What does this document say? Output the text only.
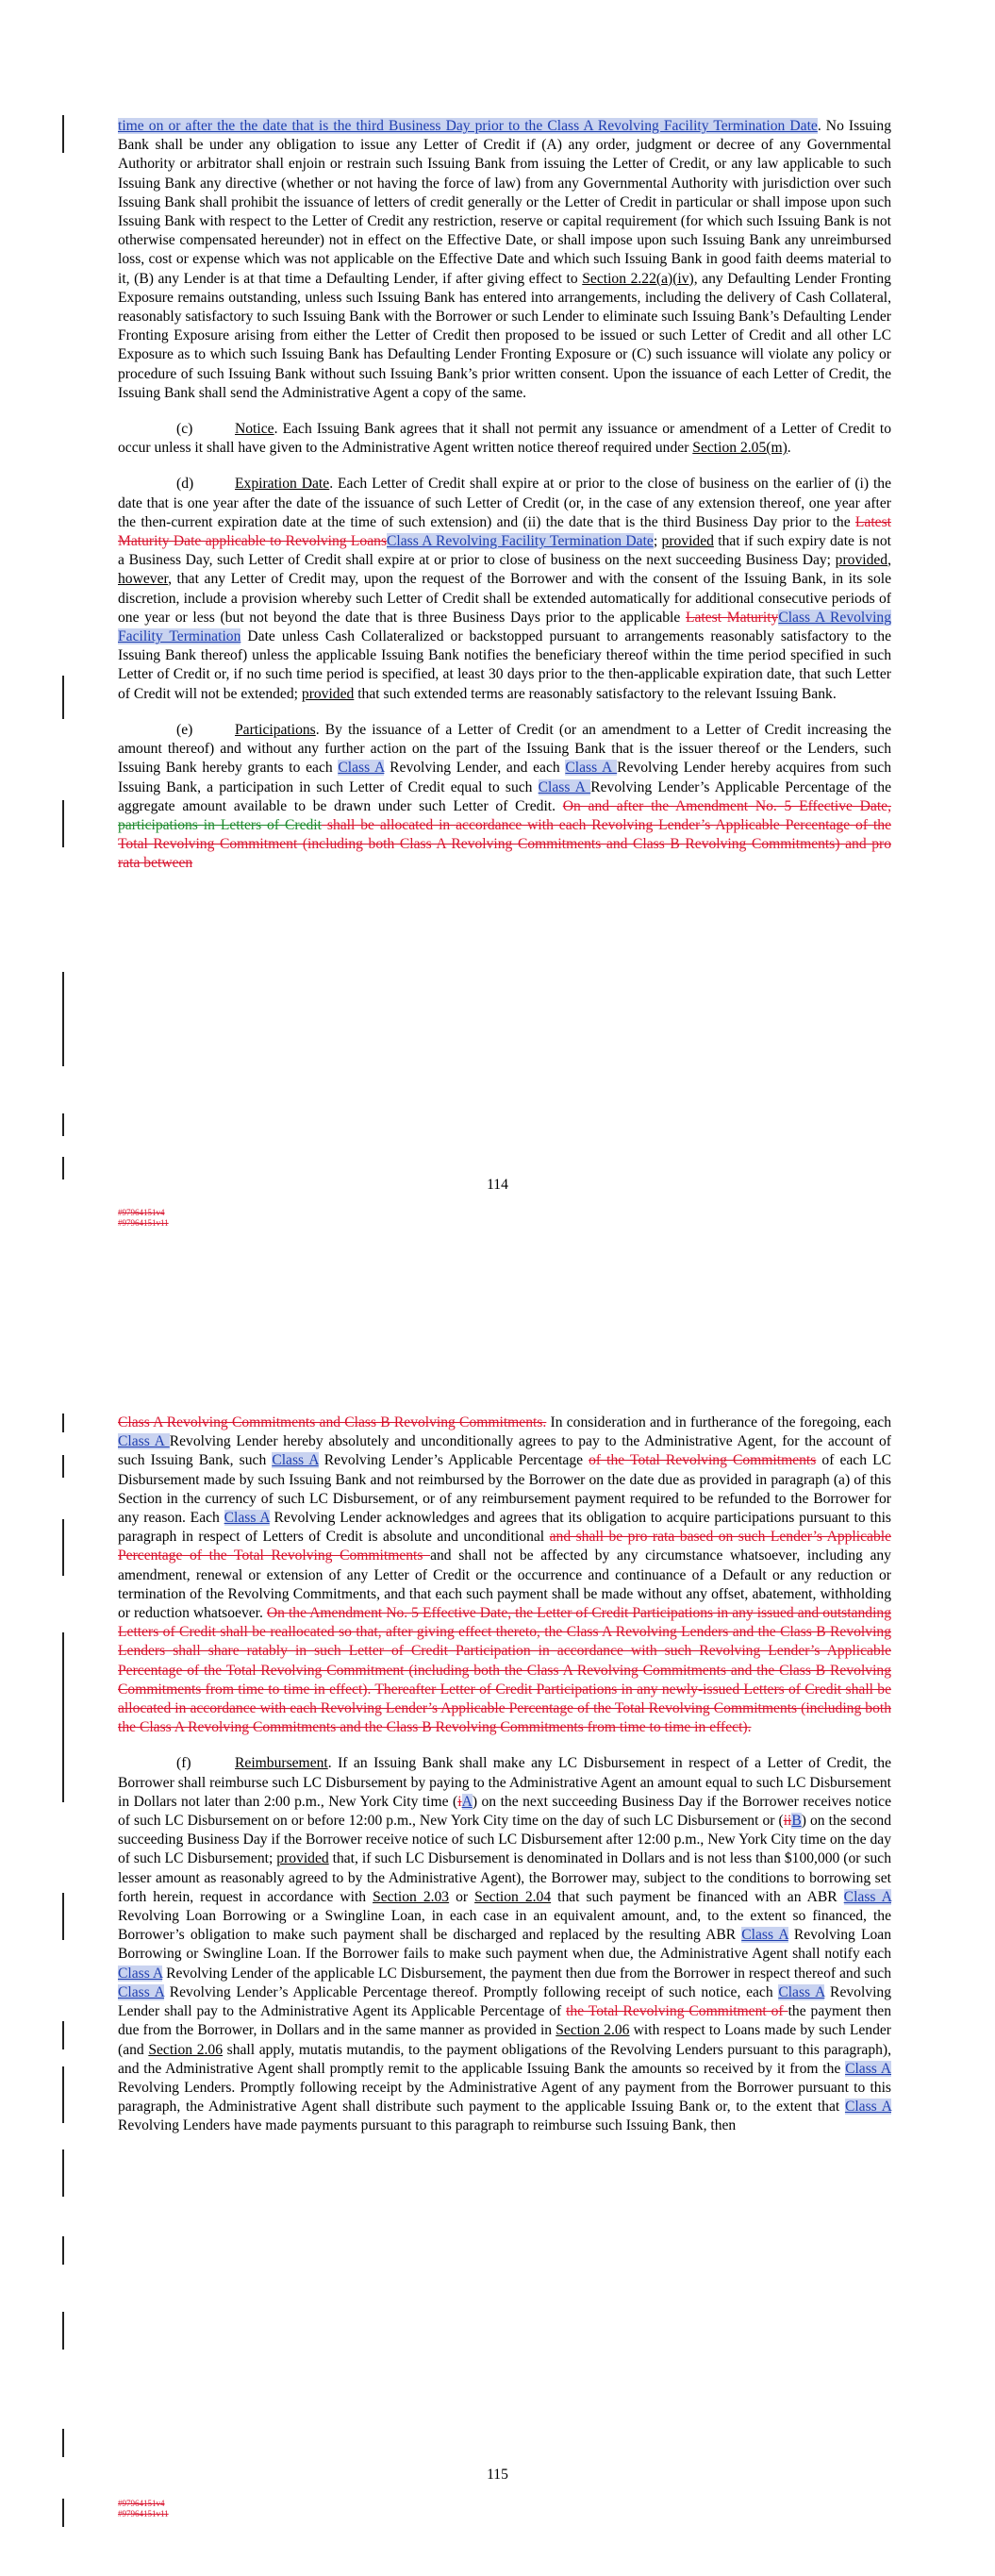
time on or after the the date that is the third Business Day prior to the Class A Revolving Facility Termination Date. No Issuing Bank shall be under any obligation to issue any Letter of Credit if (A) any order, judgment or decree of any Governmental Authority or arbitrator shall enjoin or restrain such Issuing Bank from issuing the Letter of Credit, or any law applicable to such Issuing Bank any directive (whether or not having the force of law) from any Governmental Authority with jurisdiction over such Issuing Bank shall prohibit the issuance of letters of credit generally or the Letter of Credit in particular or shall impose upon such Issuing Bank with respect to the Letter of Credit any restriction, reserve or capital requirement (for which such Issuing Bank is not otherwise compensated hereunder) not in effect on the Effective Date, or shall impose upon such Issuing Bank any unreimbursed loss, cost or expense which was not applicable on the Effective Date and which such Issuing Bank in good faith deems material to it, (B) any Lender is at that time a Defaulting Lender, if after giving effect to Section 2.22(a)(iv), any Defaulting Lender Fronting Exposure remains outstanding, unless such Issuing Bank has entered into arrangements, including the delivery of Cash Collateral, reasonably satisfactory to such Issuing Bank with the Borrower or such Lender to eliminate such Issuing Bank’s Defaulting Lender Fronting Exposure arising from either the Letter of Credit then proposed to be issued or such Letter of Credit and all other LC Exposure as to which such Issuing Bank has Defaulting Lender Fronting Exposure or (C) such issuance will violate any policy or procedure of such Issuing Bank without such Issuing Bank’s prior written consent. Upon the issuance of each Letter of Credit, the Issuing Bank shall send the Administrative Agent a copy of the same.

(c)	Notice. Each Issuing Bank agrees that it shall not permit any issuance or amendment of a Letter of Credit to occur unless it shall have given to the Administrative Agent written notice thereof required under Section 2.05(m).

(d)	Expiration Date. Each Letter of Credit shall expire at or prior to the close of business on the earlier of (i) the date that is one year after the date of the issuance of such Letter of Credit (or, in the case of any extension thereof, one year after the then-current expiration date at the time of such extension) and (ii) the date that is the third Business Day prior to the Latest Maturity Date applicable to Revolving LoansClass A Revolving Facility Termination Date; provided that if such expiry date is not a Business Day, such Letter of Credit shall expire at or prior to close of business on the next succeeding Business Day; provided, however, that any Letter of Credit may, upon the request of the Borrower and with the consent of the Issuing Bank, in its sole discretion, include a provision whereby such Letter of Credit shall be extended automatically for additional consecutive periods of one year or less (but not beyond the date that is three Business Days prior to the applicable Latest MaturityClass A Revolving Facility Termination Date unless Cash Collateralized or backstopped pursuant to arrangements reasonably satisfactory to the Issuing Bank thereof) unless the applicable Issuing Bank notifies the beneficiary thereof within the time period specified in such Letter of Credit or, if no such time period is specified, at least 30 days prior to the then-applicable expiration date, that such Letter of Credit will not be extended; provided that such extended terms are reasonably satisfactory to the relevant Issuing Bank.

(e)	Participations. By the issuance of a Letter of Credit (or an amendment to a Letter of Credit increasing the amount thereof) and without any further action on the part of the Issuing Bank that is the issuer thereof or the Lenders, such Issuing Bank hereby grants to each Class A Revolving Lender, and each Class A Revolving Lender hereby acquires from such Issuing Bank, a participation in such Letter of Credit equal to such Class A Revolving Lender’s Applicable Percentage of the aggregate amount available to be drawn under such Letter of Credit. On and after the Amendment No. 5 Effective Date, participations in Letters of Credit shall be allocated in accordance with each Revolving Lender’s Applicable Percentage of the Total Revolving Commitment (including both Class A Revolving Commitments and Class B Revolving Commitments) and pro rata between

114
#97964151v4
#97964151v11

Class A Revolving Commitments and Class B Revolving Commitments. In consideration and in furtherance of the foregoing, each Class A Revolving Lender hereby absolutely and unconditionally agrees to pay to the Administrative Agent, for the account of such Issuing Bank, such Class A Revolving Lender’s Applicable Percentage of the Total Revolving Commitments of each LC Disbursement made by such Issuing Bank and not reimbursed by the Borrower on the date due as provided in paragraph (a) of this Section in the currency of such LC Disbursement, or of any reimbursement payment required to be refunded to the Borrower for any reason. Each Class A Revolving Lender acknowledges and agrees that its obligation to acquire participations pursuant to this paragraph in respect of Letters of Credit is absolute and unconditional and shall be pro rata based on such Lender’s Applicable Percentage of the Total Revolving Commitments and shall not be affected by any circumstance whatsoever, including any amendment, renewal or extension of any Letter of Credit or the occurrence and continuance of a Default or any reduction or termination of the Revolving Commitments, and that each such payment shall be made without any offset, abatement, withholding or reduction whatsoever. On the Amendment No. 5 Effective Date, the Letter of Credit Participations in any issued and outstanding Letters of Credit shall be reallocated so that, after giving effect thereto, the Class A Revolving Lenders and the Class B Revolving Lenders shall share ratably in such Letter of Credit Participation in accordance with such Revolving Lender’s Applicable Percentage of the Total Revolving Commitment (including both the Class A Revolving Commitments and the Class B Revolving Commitments from time to time in effect). Thereafter Letter of Credit Participations in any newly-issued Letters of Credit shall be allocated in accordance with each Revolving Lender’s Applicable Percentage of the Total Revolving Commitments (including both the Class A Revolving Commitments and the Class B Revolving Commitments from time to time in effect).

(f)	Reimbursement. If an Issuing Bank shall make any LC Disbursement in respect of a Letter of Credit, the Borrower shall reimburse such LC Disbursement by paying to the Administrative Agent an amount equal to such LC Disbursement in Dollars not later than 2:00 p.m., New York City time (iA) on the next succeeding Business Day if the Borrower receives notice of such LC Disbursement on or before 12:00 p.m., New York City time on the day of such LC Disbursement or (iiB) on the second succeeding Business Day if the Borrower receive notice of such LC Disbursement after 12:00 p.m., New York City time on the day of such LC Disbursement; provided that, if such LC Disbursement is denominated in Dollars and is not less than $100,000 (or such lesser amount as reasonably agreed to by the Administrative Agent), the Borrower may, subject to the conditions to borrowing set forth herein, request in accordance with Section 2.03 or Section 2.04 that such payment be financed with an ABR Class A Revolving Loan Borrowing or a Swingline Loan, in each case in an equivalent amount, and, to the extent so financed, the Borrower’s obligation to make such payment shall be discharged and replaced by the resulting ABR Class A Revolving Loan Borrowing or Swingline Loan. If the Borrower fails to make such payment when due, the Administrative Agent shall notify each Class A Revolving Lender of the applicable LC Disbursement, the payment then due from the Borrower in respect thereof and such Class A Revolving Lender’s Applicable Percentage thereof. Promptly following receipt of such notice, each Class A Revolving Lender shall pay to the Administrative Agent its Applicable Percentage of the Total Revolving Commitment of the payment then due from the Borrower, in Dollars and in the same manner as provided in Section 2.06 with respect to Loans made by such Lender (and Section 2.06 shall apply, mutatis mutandis, to the payment obligations of the Revolving Lenders pursuant to this paragraph), and the Administrative Agent shall promptly remit to the applicable Issuing Bank the amounts so received by it from the Class A Revolving Lenders. Promptly following receipt by the Administrative Agent of any payment from the Borrower pursuant to this paragraph, the Administrative Agent shall distribute such payment to the applicable Issuing Bank or, to the extent that Class A Revolving Lenders have made payments pursuant to this paragraph to reimburse such Issuing Bank, then

115
#97964151v4
#97964151v11
